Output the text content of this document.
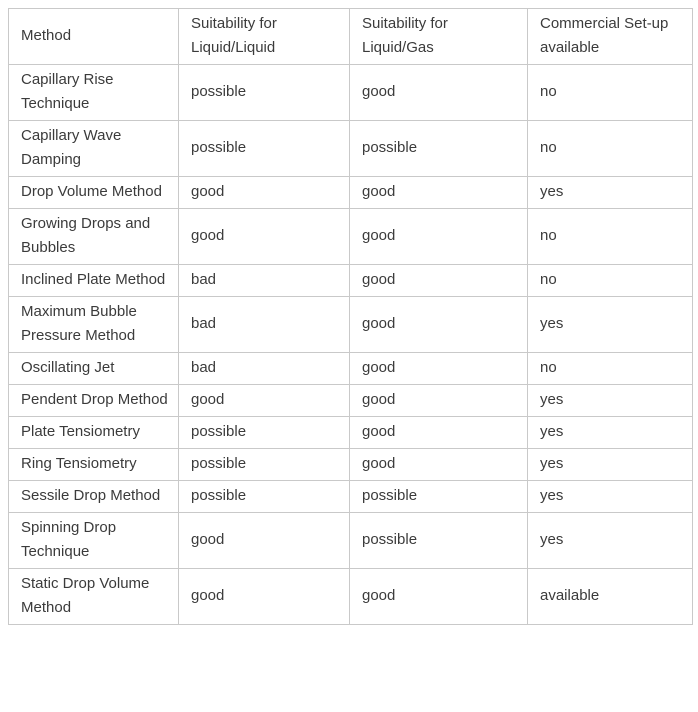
Method	Suitability for Liquid/Liquid	Suitability for Liquid/Gas	Commercial Set-up available
Capillary Rise Technique	possible	good	no
Capillary Wave Damping	possible	possible	no
Drop Volume Method	good	good	yes
Growing Drops and Bubbles	good	good	no
Inclined Plate Method	bad	good	no
Maximum Bubble Pressure Method	bad	good	yes
Oscillating Jet	bad	good	no
Pendent Drop Method	good	good	yes
Plate Tensiometry	possible	good	yes
Ring Tensiometry	possible	good	yes
Sessile Drop Method	possible	possible	yes
Spinning Drop Technique	good	possible	yes
Static Drop Volume Method	good	good	available
